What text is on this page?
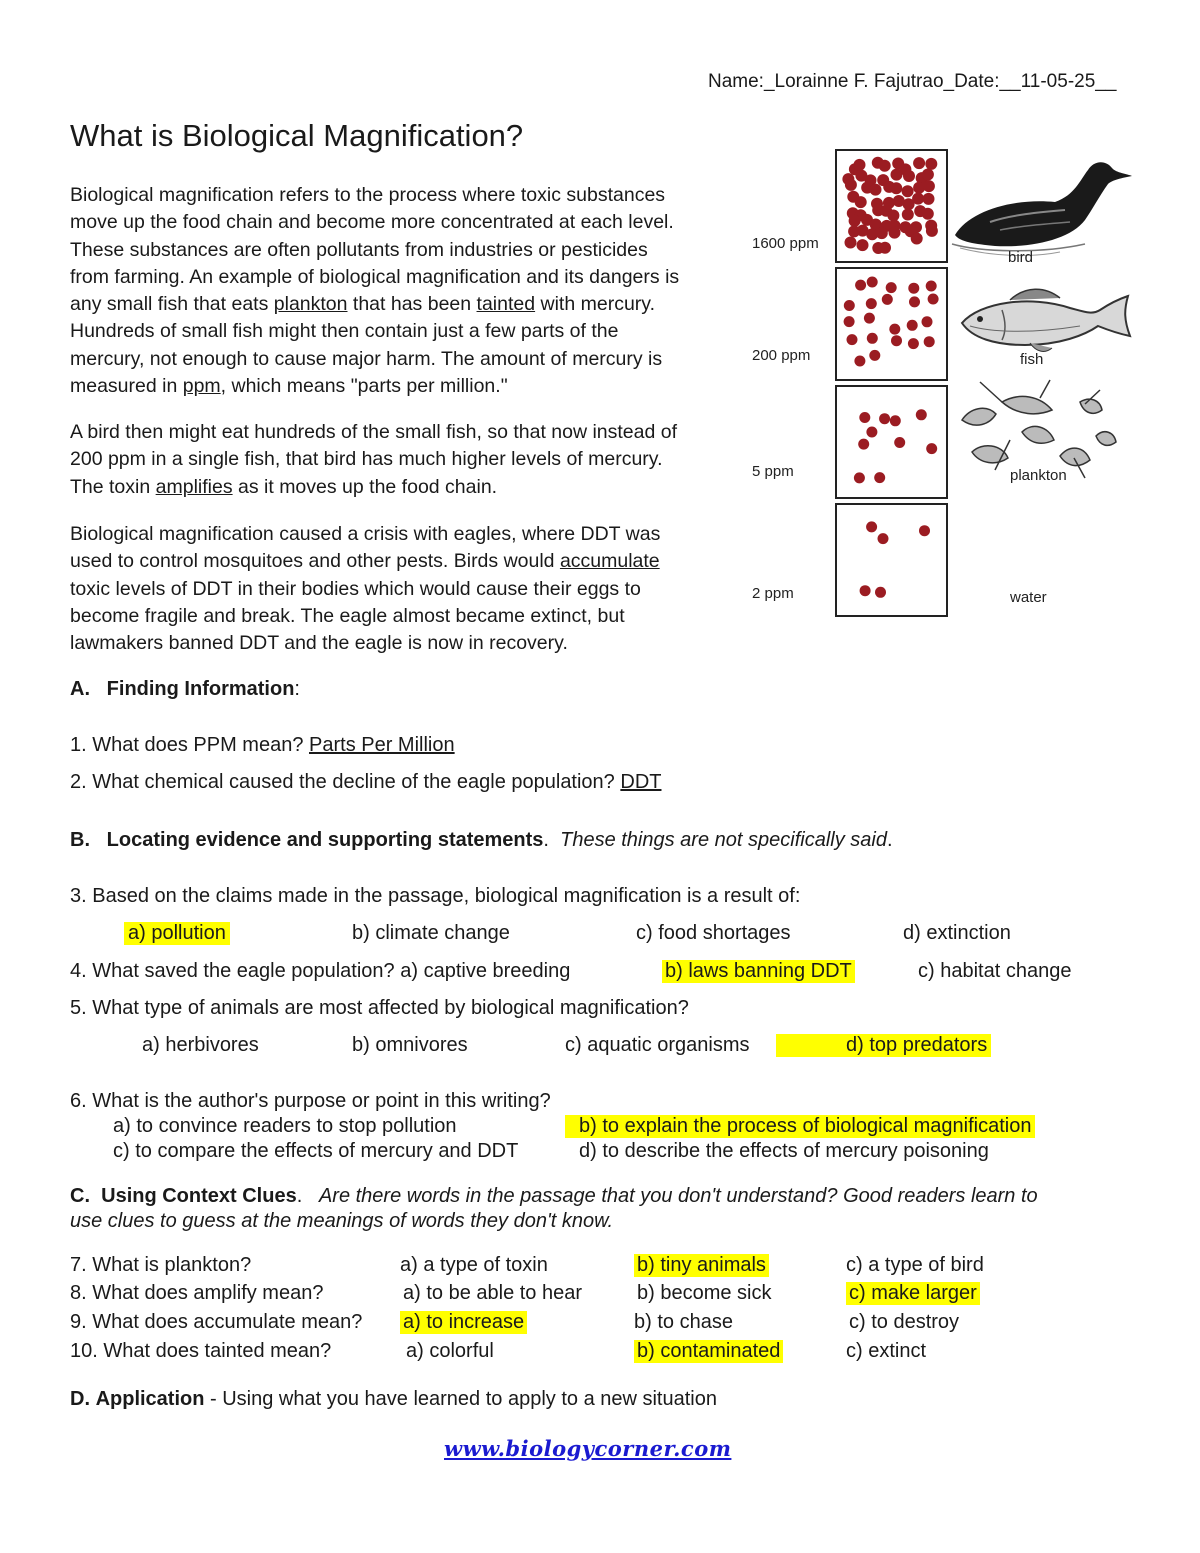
Name:_Lorainne F. Fajutrao_Date:__11-05-25__
What is Biological Magnification?
Biological magnification refers to the process where toxic substances
move up the food chain and become more concentrated at each level.
These substances are often pollutants from industries or pesticides
from farming. An example of biological magnification and its dangers is
any small fish that eats plankton that has been tainted with mercury.
Hundreds of small fish might then contain just a few parts of the
mercury, not enough to cause major harm. The amount of mercury is
measured in ppm, which means "parts per million."
A bird then might eat hundreds of the small fish, so that now instead of
200 ppm in a single fish, that bird has much higher levels of mercury.
The toxin amplifies as it moves up the food chain.
Biological magnification caused a crisis with eagles, where DDT was
used to control mosquitoes and other pests. Birds would accumulate
toxic levels of DDT in their bodies which would cause their eggs to
become fragile and break. The eagle almost became extinct, but
lawmakers banned DDT and the eagle is now in recovery.
1600 ppm
bird
200 ppm	fish
5 ppm	plankton
2 ppm	water
A. Finding Information:
1. What does PPM mean? Parts Per Million
2. What chemical caused the decline of the eagle population? DDT
B. Locating evidence and supporting statements. These things are not specifically said.
3. Based on the claims made in the passage, biological magnification is a result of:
a) pollution	b) climate change	c) food shortages	d) extinction
4. What saved the eagle population? a) captive breeding	b) laws banning DDT	c) habitat change
5. What type of animals are most affected by biological magnification?
a) herbivores	b) omnivores	c) aquatic organisms	d) top predators
6. What is the author's purpose or point in this writing?
a) to convince readers to stop pollution	b) to explain the process of biological magnification
c) to compare the effects of mercury and DDT	d) to describe the effects of mercury poisoning
C. Using Context Clues. Are there words in the passage that you don't understand? Good readers learn to
use clues to guess at the meanings of words they don't know.
7. What is plankton?	a) a type of toxin	b) tiny animals	c) a type of bird
8. What does amplify mean?	a) to be able to hear	b) become sick	c) make larger
9. What does accumulate mean? a) to increase	b) to chase	c) to destroy
10. What does tainted mean?	a) colorful	b) contaminated	c) extinct
D. Application - Using what you have learned to apply to a new situation
www.biologycorner.com
